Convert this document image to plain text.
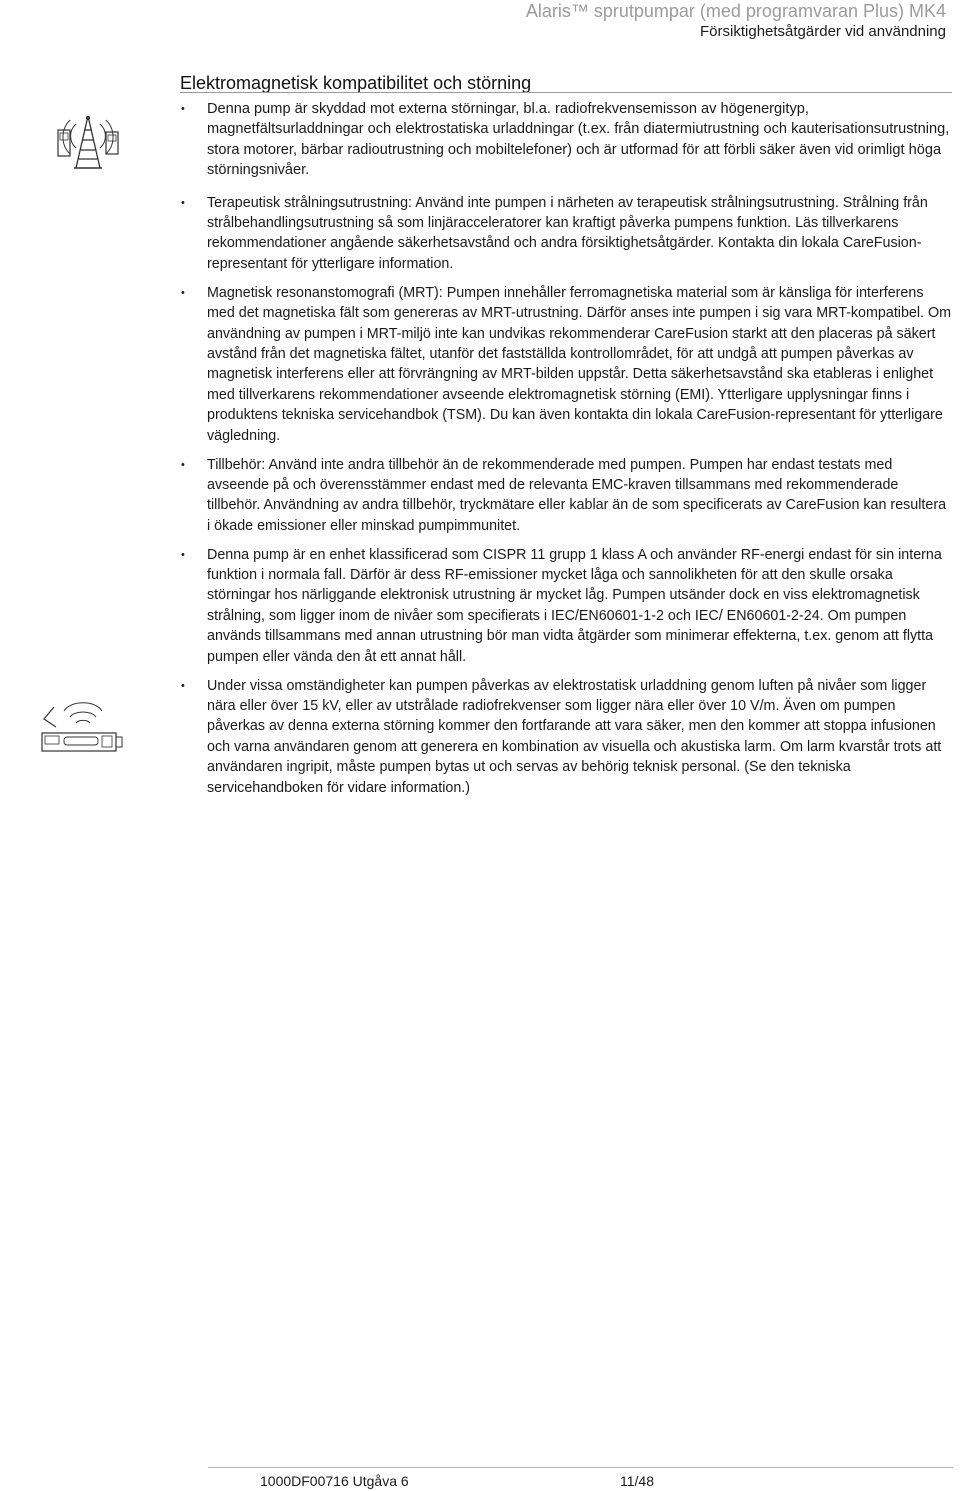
Alaris™ sprutpumpar (med programvaran Plus) MK4
Försiktighetsåtgärder vid användning
Elektromagnetisk kompatibilitet och störning
• Denna pump är skyddad mot externa störningar, bl.a. radiofrekvensemisson av högenergityp, magnetfältsurladdningar och elektrostatiska urladdningar (t.ex. från diatermiutrustning och kauterisationsutrustning, stora motorer, bärbar radioutrustning och mobiltelefoner) och är utformad för att förbli säker även vid orimligt höga störningsnivåer.
• Terapeutisk strålningsutrustning: Använd inte pumpen i närheten av terapeutisk strålningsutrustning. Strålning från strålbehandlingsutrustning så som linjäracceleratorer kan kraftigt påverka pumpens funktion. Läs tillverkarens rekommendationer angående säkerhetsavstånd och andra försiktighetsåtgärder. Kontakta din lokala CareFusion-representant för ytterligare information.
• Magnetisk resonanstomografi (MRT): Pumpen innehåller ferromagnetiska material som är känsliga för interferens med det magnetiska fält som genereras av MRT-utrustning. Därför anses inte pumpen i sig vara MRT-kompatibel. Om användning av pumpen i MRT-miljö inte kan undvikas rekommenderar CareFusion starkt att den placeras på säkert avstånd från det magnetiska fältet, utanför det fastställda kontrollområdet, för att undgå att pumpen påverkas av magnetisk interferens eller att förvrängning av MRT-bilden uppstår. Detta säkerhetsavstånd ska etableras i enlighet med tillverkarens rekommendationer avseende elektromagnetisk störning (EMI). Ytterligare upplysningar finns i produktens tekniska servicehandbok (TSM). Du kan även kontakta din lokala CareFusion-representant för ytterligare vägledning.
• Tillbehör: Använd inte andra tillbehör än de rekommenderade med pumpen. Pumpen har endast testats med avseende på och överensstämmer endast med de relevanta EMC-kraven tillsammans med rekommenderade tillbehör. Användning av andra tillbehör, tryckmätare eller kablar än de som specificerats av CareFusion kan resultera i ökade emissioner eller minskad pumpimmunitet.
• Denna pump är en enhet klassificerad som CISPR 11 grupp 1 klass A och använder RF-energi endast för sin interna funktion i normala fall. Därför är dess RF-emissioner mycket låga och sannolikheten för att den skulle orsaka störningar hos närliggande elektronisk utrustning är mycket låg. Pumpen utsänder dock en viss elektromagnetisk strålning, som ligger inom de nivåer som specifierats i IEC/EN60601-1-2 och IEC/ EN60601-2-24. Om pumpen används tillsammans med annan utrustning bör man vidta åtgärder som minimerar effekterna, t.ex. genom att flytta pumpen eller vända den åt ett annat håll.
• Under vissa omständigheter kan pumpen påverkas av elektrostatisk urladdning genom luften på nivåer som ligger nära eller över 15 kV, eller av utstrålade radiofrekvenser som ligger nära eller över 10 V/m. Även om pumpen påverkas av denna externa störning kommer den fortfarande att vara säker, men den kommer att stoppa infusionen och varna användaren genom att generera en kombination av visuella och akustiska larm. Om larm kvarstår trots att användaren ingripit, måste pumpen bytas ut och servas av behörig teknisk personal. (Se den tekniska servicehandboken för vidare information.)
1000DF00716 Utgåva 6	11/48
